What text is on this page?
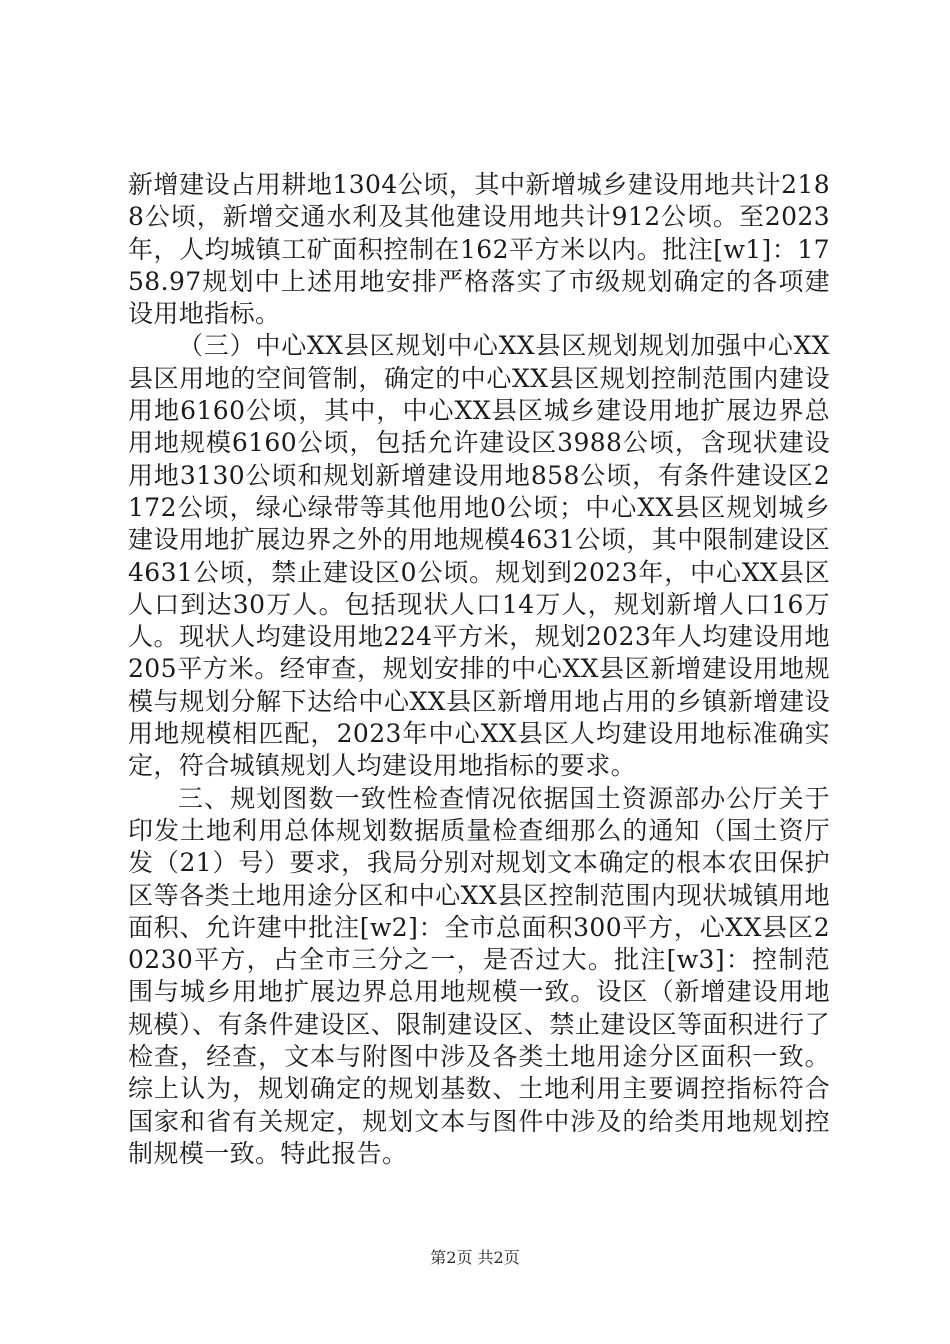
新增建设占用耕地1304公顷，其中新增城乡建设用地共计2188公顷，新增交通水利及其他建设用地共计912公顷。至2023年，人均城镇工矿面积控制在162平方米以内。批注[w1]：1758.97规划中上述用地安排严格落实了市级规划确定的各项建设用地指标。

（三）中心XX县区规划中心XX县区规划规划加强中心XX县区用地的空间管制，确定的中心XX县区规划控制范围内建设用地6160公顷，其中，中心XX县区城乡建设用地扩展边界总用地规模6160公顷，包括允许建设区3988公顷，含现状建设用地3130公顷和规划新增建设用地858公顷，有条件建设区2172公顷，绿心绿带等其他用地0公顷；中心XX县区规划城乡建设用地扩展边界之外的用地规模4631公顷，其中限制建设区4631公顷，禁止建设区0公顷。规划到2023年，中心XX县区人口到达30万人。包括现状人口14万人，规划新增人口16万人。现状人均建设用地224平方米，规划2023年人均建设用地205平方米。经审查，规划安排的中心XX县区新增建设用地规模与规划分解下达给中心XX县区新增用地占用的乡镇新增建设用地规模相匹配，2023年中心XX县区人均建设用地标准确实定，符合城镇规划人均建设用地指标的要求。

三、规划图数一致性检查情况依据国土资源部办公厅关于印发土地利用总体规划数据质量检查细那么的通知（国土资厅发（21）号）要求，我局分别对规划文本确定的根本农田保护区等各类土地用途分区和中心XX县区控制范围内现状城镇用地面积、允许建中批注[w2]：全市总面积300平方，心XX县区20230平方，占全市三分之一，是否过大。批注[w3]：控制范围与城乡用地扩展边界总用地规模一致。设区（新增建设用地规模）、有条件建设区、限制建设区、禁止建设区等面积进行了检查，经查，文本与附图中涉及各类土地用途分区面积一致。综上认为，规划确定的规划基数、土地利用主要调控指标符合国家和省有关规定，规划文本与图件中涉及的给类用地规划控制规模一致。特此报告。

第2页 共2页
